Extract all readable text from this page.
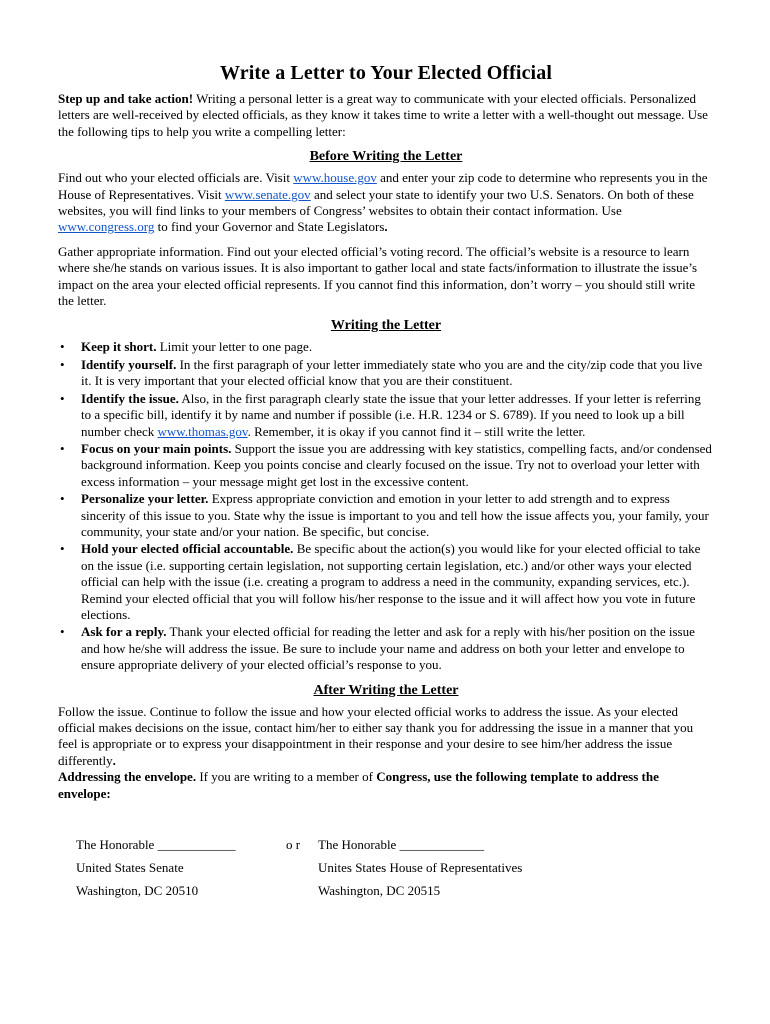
Write a Letter to Your Elected Official

Step up and take action! Writing a personal letter is a great way to communicate with your elected officials. Personalized letters are well-received by elected officials, as they know it takes time to write a letter with a well-thought out message. Use the following tips to help you write a compelling letter:

Before Writing the Letter

Find out who your elected officials are. Visit www.house.gov and enter your zip code to determine who represents you in the House of Representatives. Visit www.senate.gov and select your state to identify your two U.S. Senators. On both of these websites, you will find links to your members of Congress’ websites to obtain their contact information. Use www.congress.org to find your Governor and State Legislators.

Gather appropriate information. Find out your elected official’s voting record. The official’s website is a resource to learn where she/he stands on various issues. It is also important to gather local and state facts/information to illustrate the issue’s impact on the area your elected official represents. If you cannot find this information, don’t worry – you should still write the letter.

Writing the Letter
• Keep it short. Limit your letter to one page.
• Identify yourself. In the first paragraph of your letter immediately state who you are and the city/zip code that you live it. It is very important that your elected official know that you are their constituent.
• Identify the issue. Also, in the first paragraph clearly state the issue that your letter addresses. If your letter is referring to a specific bill, identify it by name and number if possible (i.e. H.R. 1234 or S. 6789). If you need to look up a bill number check www.thomas.gov. Remember, it is okay if you cannot find it – still write the letter.
• Focus on your main points. Support the issue you are addressing with key statistics, compelling facts, and/or condensed background information. Keep you points concise and clearly focused on the issue. Try not to overload your letter with excess information – your message might get lost in the excessive content.
• Personalize your letter. Express appropriate conviction and emotion in your letter to add strength and to express sincerity of this issue to you. State why the issue is important to you and tell how the issue affects you, your family, your community, your state and/or your nation. Be specific, but concise.
• Hold your elected official accountable. Be specific about the action(s) you would like for your elected official to take on the issue (i.e. supporting certain legislation, not supporting certain legislation, etc.) and/or other ways your elected official can help with the issue (i.e. creating a program to address a need in the community, expanding services, etc.). Remind your elected official that you will follow his/her response to the issue and it will affect how you vote in future elections.
• Ask for a reply. Thank your elected official for reading the letter and ask for a reply with his/her position on the issue and how he/she will address the issue. Be sure to include your name and address on both your letter and envelope to ensure appropriate delivery of your elected official’s response to you.
After Writing the Letter

Follow the issue. Continue to follow the issue and how your elected official works to address the issue. As your elected official makes decisions on the issue, contact him/her to either say thank you for addressing the issue in a manner that you feel is appropriate or to express your disappointment in their response and your desire to see him/her address the issue differently.

Addressing the envelope. If you are writing to a member of Congress, use the following template to address the envelope:

The Honorable ____________	o r The Honorable _____________
United States Senate	Unites States House of Representatives
Washington, DC 20510	Washington, DC 20515
